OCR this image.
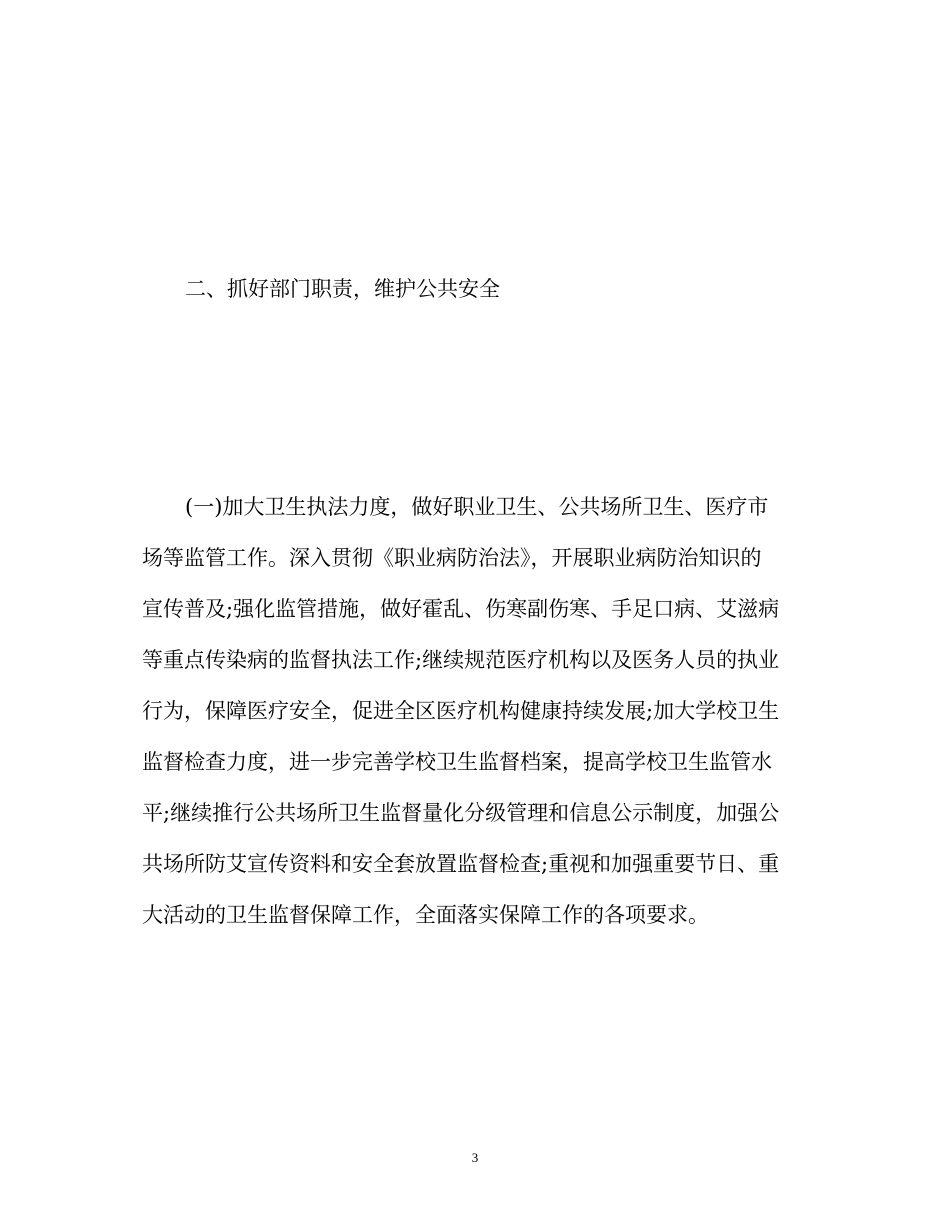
二、抓好部门职责，维护公共安全
(一)加大卫生执法力度，做好职业卫生、公共场所卫生、医疗市
场等监管工作。深入贯彻《职业病防治法》，开展职业病防治知识的
宣传普及;强化监管措施，做好霍乱、伤寒副伤寒、手足口病、艾滋病
等重点传染病的监督执法工作;继续规范医疗机构以及医务人员的执业
行为，保障医疗安全，促进全区医疗机构健康持续发展;加大学校卫生
监督检查力度，进一步完善学校卫生监督档案，提高学校卫生监管水
平;继续推行公共场所卫生监督量化分级管理和信息公示制度，加强公
共场所防艾宣传资料和安全套放置监督检查;重视和加强重要节日、重
大活动的卫生监督保障工作，全面落实保障工作的各项要求。
3
